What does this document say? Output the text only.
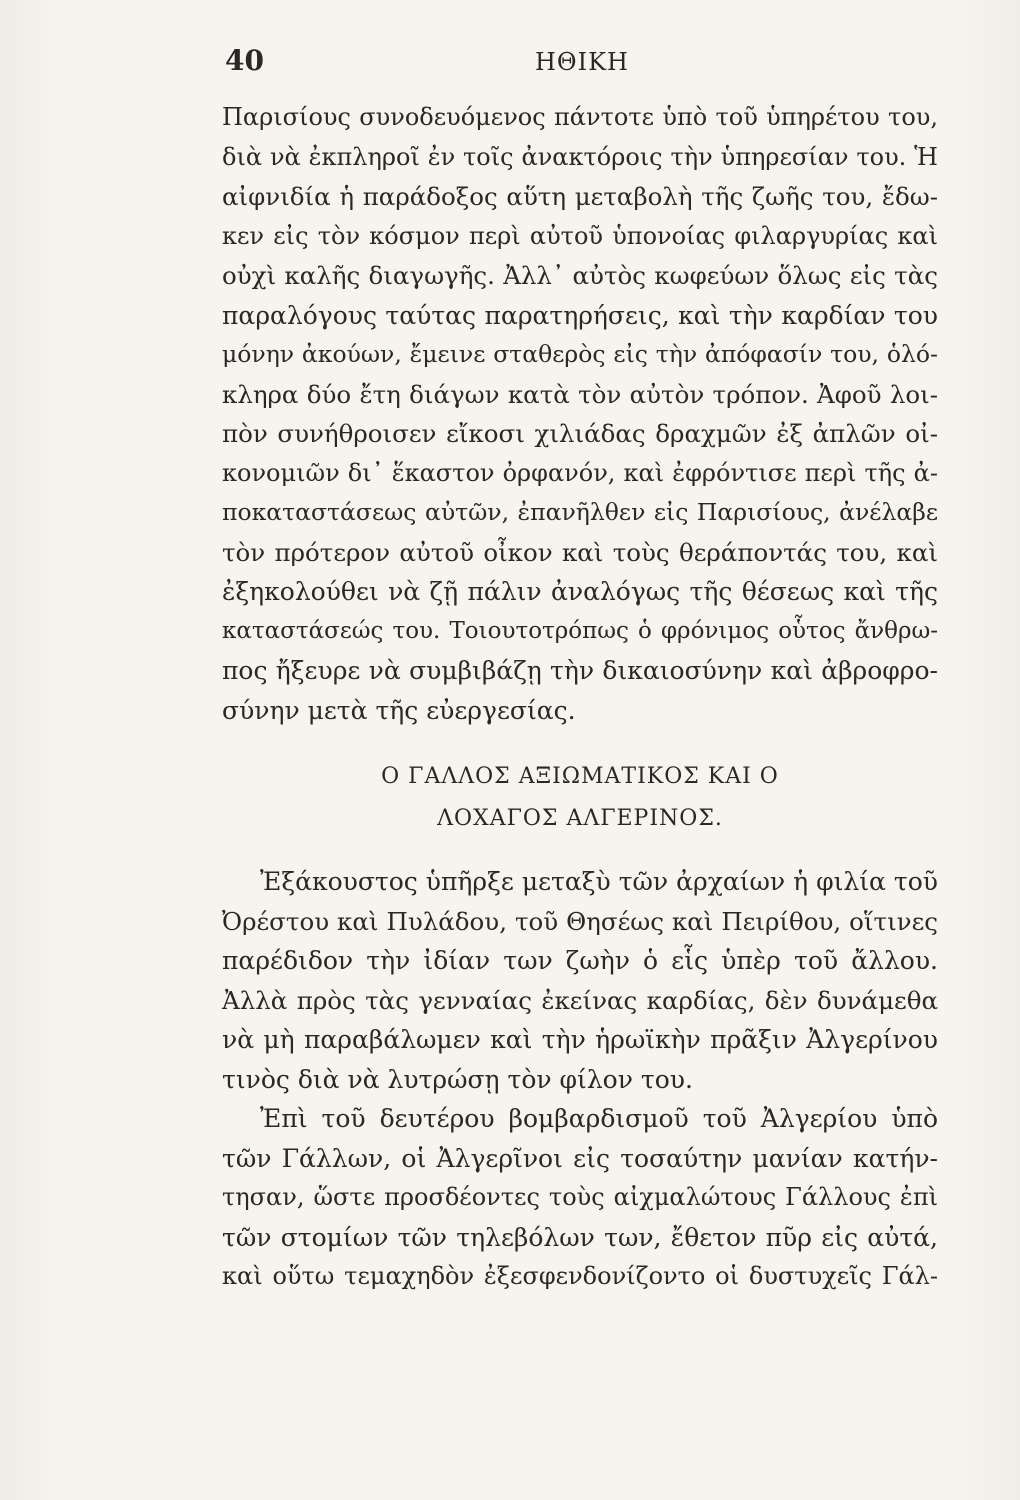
40	ΗΘΙΚΗ
Παρισίους συνοδευόμενος πάντοτε ὑπὸ τοῦ ὑπηρέτου του,
διὰ νὰ ἐκπληροῖ ἐν τοῖς ἀνακτόροις τὴν ὑπηρεσίαν του. Ἡ
αἰφνιδία ἡ παράδοξος αὕτη μεταβολὴ τῆς ζωῆς του, ἔδω-
κεν εἰς τὸν κόσμον περὶ αὐτοῦ ὑπονοίας φιλαργυρίας καὶ
οὐχὶ καλῆς διαγωγῆς. Ἀλλ᾽ αὐτὸς κωφεύων ὅλως εἰς τὰς
παραλόγους ταύτας παρατηρήσεις, καὶ τὴν καρδίαν του
μόνην ἀκούων, ἔμεινε σταθερὸς εἰς τὴν ἀπόφασίν του, ὁλό-
κληρα δύο ἔτη διάγων κατὰ τὸν αὐτὸν τρόπον. Ἀφοῦ λοι-
πὸν συνήθροισεν εἴκοσι χιλιάδας δραχμῶν ἐξ ἀπλῶν οἰ-
κονομιῶν δι᾽ ἕκαστον ὀρφανόν, καὶ ἐφρόντισε περὶ τῆς ἀ-
ποκαταστάσεως αὐτῶν, ἐπανῆλθεν εἰς Παρισίους, ἀνέλαβε
τὸν πρότερον αὐτοῦ οἶκον καὶ τοὺς θεράποντάς του, καὶ
ἐξηκολούθει νὰ ζῇ πάλιν ἀναλόγως τῆς θέσεως καὶ τῆς
καταστάσεώς του. Τοιουτοτρόπως ὁ φρόνιμος οὗτος ἄνθρω-
πος ἤξευρε νὰ συμβιβάζῃ τὴν δικαιοσύνην καὶ ἀβροφρο-
σύνην μετὰ τῆς εὐεργεσίας.
Ο ΓΑΛΛΟΣ ΑΞΙΩΜΑΤΙΚΟΣ ΚΑΙ Ο
ΛΟΧΑΓΟΣ ΑΛΓΕΡΙΝΟΣ.
Ἐξάκουστος ὑπῆρξε μεταξὺ τῶν ἀρχαίων ἡ φιλία τοῦ
Ὀρέστου καὶ Πυλάδου, τοῦ Θησέως καὶ Πειρίθου, οἵτινες
παρέδιδον τὴν ἰδίαν των ζωὴν ὁ εἷς ὑπὲρ τοῦ ἄλλου.
Ἀλλὰ πρὸς τὰς γενναίας ἐκείνας καρδίας, δὲν δυνάμεθα
νὰ μὴ παραβάλωμεν καὶ τὴν ἡρωϊκὴν πρᾶξιν Ἀλγερίνου
τινὸς διὰ νὰ λυτρώσῃ τὸν φίλον του.
Ἐπὶ τοῦ δευτέρου βομβαρδισμοῦ τοῦ Ἀλγερίου ὑπὸ
τῶν Γάλλων, οἱ Ἀλγερῖνοι εἰς τοσαύτην μανίαν κατήν-
τησαν, ὥστε προσδέοντες τοὺς αἰχμαλώτους Γάλλους ἐπὶ
τῶν στομίων τῶν τηλεβόλων των, ἔθετον πῦρ εἰς αὐτά,
καὶ οὕτω τεμαχηδὸν ἐξεσφενδονίζοντο οἱ δυστυχεῖς Γάλ-
